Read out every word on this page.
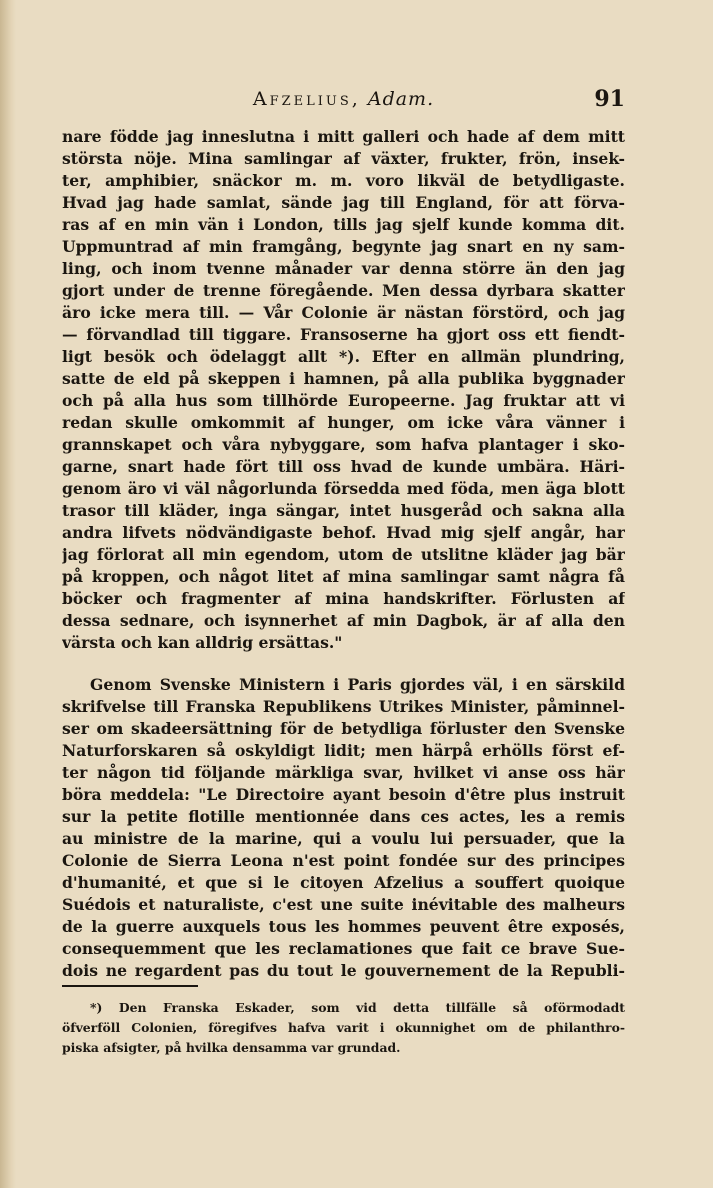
Afzelius, Adam.	91
nare födde jag inneslutna i mitt galleri och hade af dem mitt
största nöje. Mina samlingar af växter, frukter, frön, insek-
ter, amphibier, snäckor m. m. voro likväl de betydligaste.
Hvad jag hade samlat, sände jag till England, för att förva-
ras af en min vän i London, tills jag sjelf kunde komma dit.
Uppmuntrad af min framgång, begynte jag snart en ny sam-
ling, och inom tvenne månader var denna större än den jag
gjort under de trenne föregående. Men dessa dyrbara skatter
äro icke mera till. — Vår Colonie är nästan förstörd, och jag
— förvandlad till tiggare. Fransoserne ha gjort oss ett fiendt-
ligt besök och ödelaggt allt *). Efter en allmän plundring,
satte de eld på skeppen i hamnen, på alla publika byggnader
och på alla hus som tillhörde Europeerne. Jag fruktar att vi
redan skulle omkommit af hunger, om icke våra vänner i
grannskapet och våra nybyggare, som hafva plantager i sko-
garne, snart hade fört till oss hvad de kunde umbära. Häri-
genom äro vi väl någorlunda försedda med föda, men äga blott
trasor till kläder, inga sängar, intet husgeråd och sakna alla
andra lifvets nödvändigaste behof. Hvad mig sjelf angår, har
jag förlorat all min egendom, utom de utslitne kläder jag bär
på kroppen, och något litet af mina samlingar samt några få
böcker och fragmenter af mina handskrifter. Förlusten af
dessa sednare, och isynnerhet af min Dagbok, är af alla den
värsta och kan alldrig ersättas."
Genom Svenske Ministern i Paris gjordes väl, i en särskild
skrifvelse till Franska Republikens Utrikes Minister, påminnel-
ser om skadeersättning för de betydliga förluster den Svenske
Naturforskaren så oskyldigt lidit; men härpå erhölls först ef-
ter någon tid följande märkliga svar, hvilket vi anse oss här
böra meddela: "Le Directoire ayant besoin d'être plus instruit
sur la petite flotille mentionnée dans ces actes, les a remis
au ministre de la marine, qui a voulu lui persuader, que la
Colonie de Sierra Leona n'est point fondée sur des principes
d'humanité, et que si le citoyen Afzelius a souffert quoique
Suédois et naturaliste, c'est une suite inévitable des malheurs
de la guerre auxquels tous les hommes peuvent être exposés,
consequemment que les reclamationes que fait ce brave Sue-
dois ne regardent pas du tout le gouvernement de la Republi-
*) Den Franska Eskader, som vid detta tillfälle så oförmodadt
öfverföll Colonien, föregifves hafva varit i okunnighet om de philanthro-
piska afsigter, på hvilka densamma var grundad.
